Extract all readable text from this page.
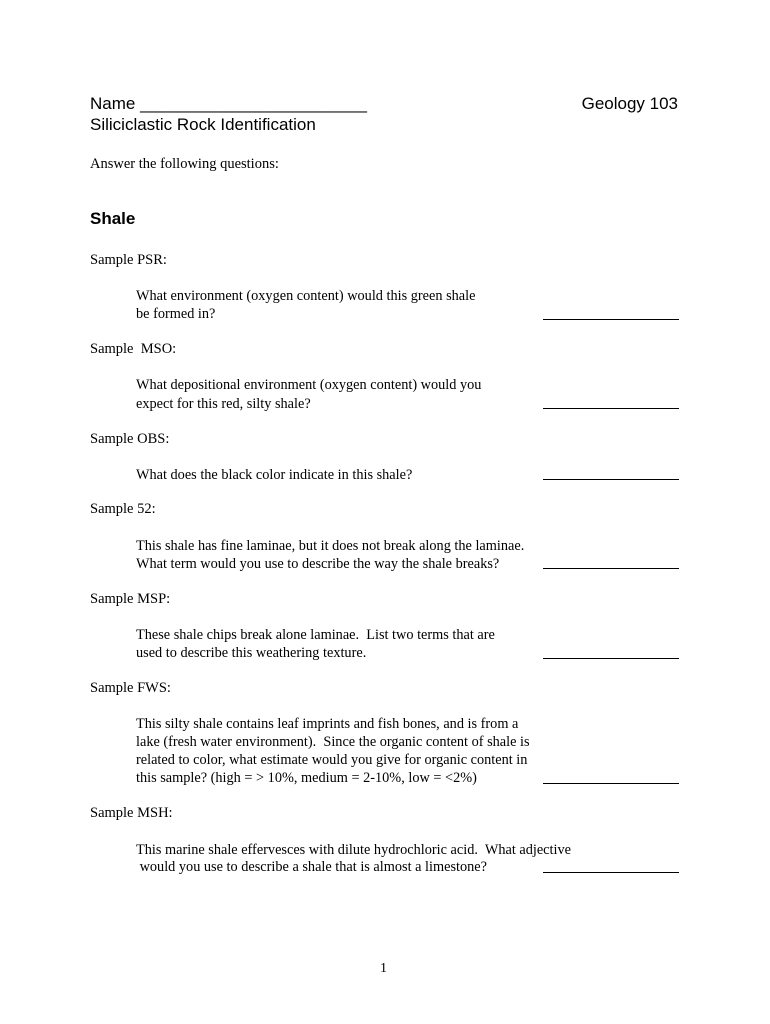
Name ________________________	Geology 103
Siliciclastic Rock Identification
Answer the following questions:
Shale
Sample PSR:
What environment (oxygen content) would this green shale
be formed in?
Sample  MSO:
What depositional environment (oxygen content) would you
expect for this red, silty shale?
Sample OBS:
What does the black color indicate in this shale?
Sample 52:
This shale has fine laminae, but it does not break along the laminae.
What term would you use to describe the way the shale breaks?
Sample MSP:
These shale chips break alone laminae.  List two terms that are
used to describe this weathering texture.
Sample FWS:
This silty shale contains leaf imprints and fish bones, and is from a
lake (fresh water environment).  Since the organic content of shale is
related to color, what estimate would you give for organic content in
this sample? (high = > 10%, medium = 2-10%, low = <2%)
Sample MSH:
This marine shale effervesces with dilute hydrochloric acid.  What adjective
would you use to describe a shale that is almost a limestone?
1
